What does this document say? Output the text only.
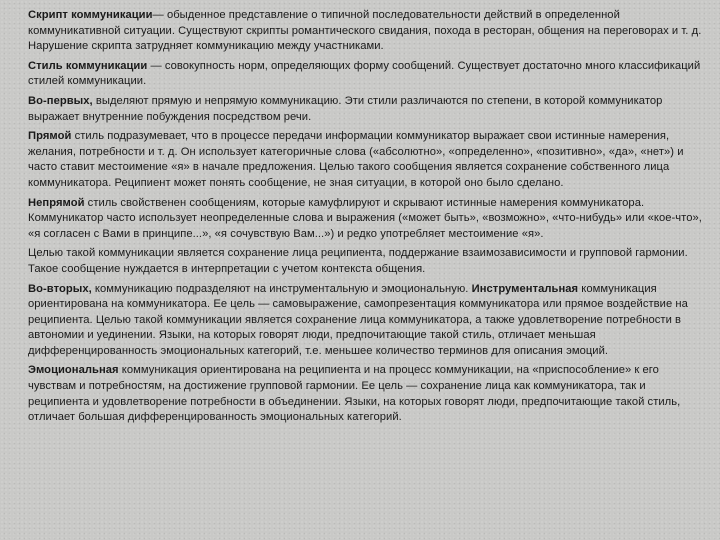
Скрипт коммуникации— обыденное представление о типичной последовательности действий в определенной коммуникативной ситуации. Существуют скрипты романтического свидания, похода в ресторан, общения на переговорах и т. д. Нарушение скрипта затрудняет коммуникацию между участниками.

Стиль коммуникации — совокупность норм, определяющих форму сообщений. Существует достаточно много классификаций стилей коммуникации.

Во-первых, выделяют прямую и непрямую коммуникацию. Эти стили различаются по степени, в которой коммуникатор выражает внутренние побуждения посредством речи.

Прямой стиль подразумевает, что в процессе передачи информации коммуникатор выражает свои истинные намерения, желания, потребности и т. д. Он использует категоричные слова («абсолютно», «определенно», «позитивно», «да», «нет») и часто ставит местоимение «я» в начале предложения. Целью такого сообщения является сохранение собственного лица коммуникатора. Реципиент может понять сообщение, не зная ситуации, в которой оно было сделано.

Непрямой стиль свойственен сообщениям, которые камуфлируют и скрывают истинные намерения коммуникатора. Коммуникатор часто использует неопределенные слова и выражения («может быть», «возможно», «что-нибудь» или «кое-что», «я согласен с Вами в принципе...», «я сочувствую Вам...») и редко употребляет местоимение «я».

Целью такой коммуникации является сохранение лица реципиента, поддержание взаимозависимости и групповой гармонии. Такое сообщение нуждается в интерпретации с учетом контекста общения.

Во-вторых, коммуникацию подразделяют на инструментальную и эмоциональную. Инструментальная коммуникация ориентирована на коммуникатора. Ее цель — самовыражение, самопрезентация коммуникатора или прямое воздействие на реципиента. Целью такой коммуникации является сохранение лица коммуникатора, а также удовлетворение потребности в автономии и уединении. Языки, на которых говорят люди, предпочитающие такой стиль, отличает меньшая дифференцированность эмоциональных категорий, т.е. меньшее количество терминов для описания эмоций.

Эмоциональная коммуникация ориентирована на реципиента и на процесс коммуникации, на «приспособление» к его чувствам и потребностям, на достижение групповой гармонии. Ее цель — сохранение лица как коммуникатора, так и реципиента и удовлетворение потребности в объединении. Языки, на которых говорят люди, предпочитающие такой стиль, отличает большая дифференцированность эмоциональных категорий.
